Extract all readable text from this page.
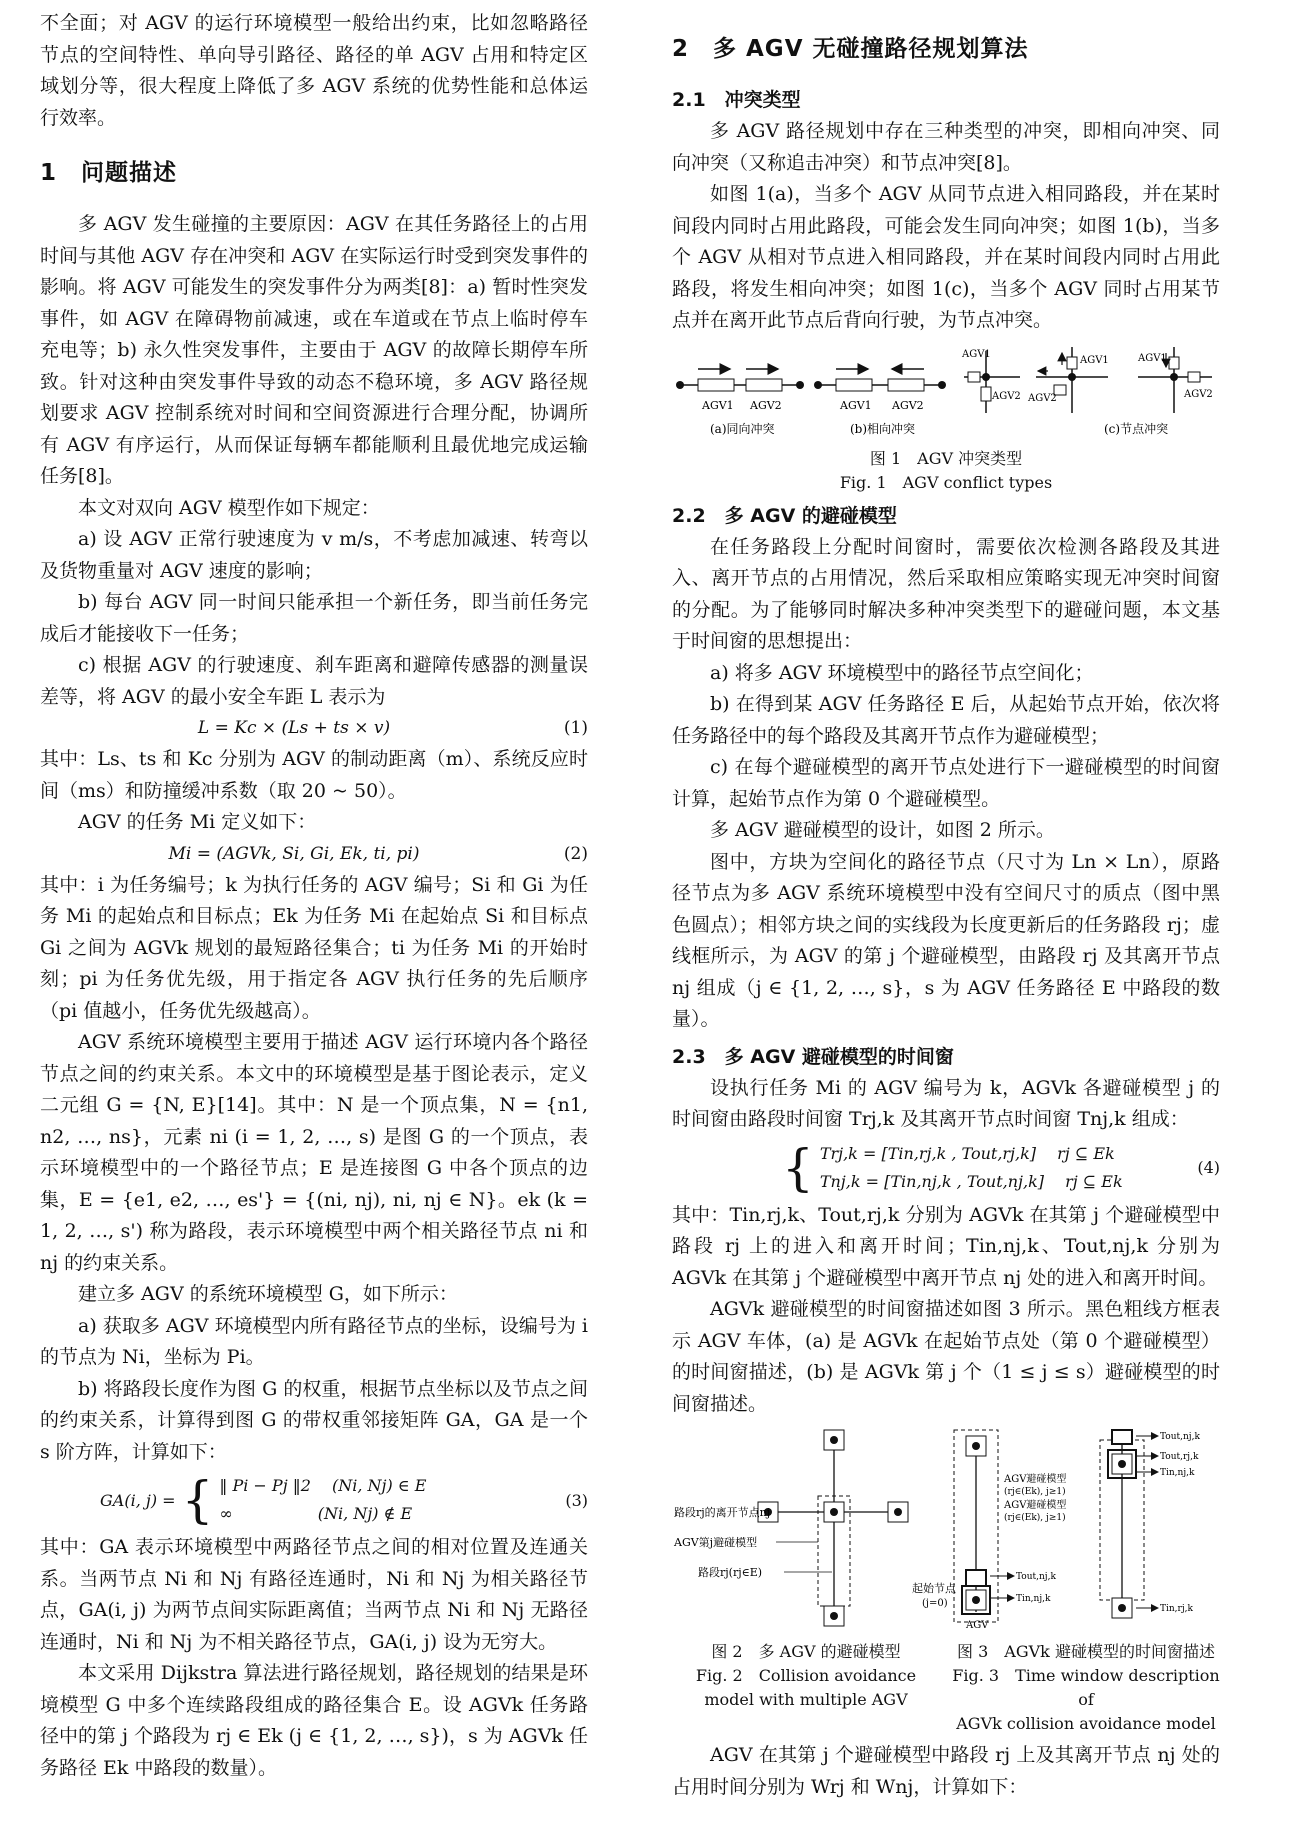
不全面；对 AGV 的运行环境模型一般给出约束，比如忽略路径节点的空间特性、单向导引路径、路径的单 AGV 占用和特定区域划分等，很大程度上降低了多 AGV 系统的优势性能和总体运行效率。

1　问题描述

多 AGV 发生碰撞的主要原因：AGV 在其任务路径上的占用时间与其他 AGV 存在冲突和 AGV 在实际运行时受到突发事件的影响。将 AGV 可能发生的突发事件分为两类[8]：a) 暂时性突发事件，如 AGV 在障碍物前减速，或在车道或在节点上临时停车充电等；b) 永久性突发事件，主要由于 AGV 的故障长期停车所致。针对这种由突发事件导致的动态不稳环境，多 AGV 路径规划要求 AGV 控制系统对时间和空间资源进行合理分配，协调所有 AGV 有序运行，从而保证每辆车都能顺利且最优地完成运输任务[8]。

本文对双向 AGV 模型作如下规定：

a) 设 AGV 正常行驶速度为 v m/s，不考虑加减速、转弯以及货物重量对 AGV 速度的影响；

b) 每台 AGV 同一时间只能承担一个新任务，即当前任务完成后才能接收下一任务；

c) 根据 AGV 的行驶速度、刹车距离和避障传感器的测量误差等，将 AGV 的最小安全车距 L 表示为

L = Kc × (Ls + ts × v)	(1)

其中：Ls、ts 和 Kc 分别为 AGV 的制动距离（m）、系统反应时间（ms）和防撞缓冲系数（取 20 ~ 50）。

AGV 的任务 Mi 定义如下：

Mi = (AGVk, Si, Gi, Ek, ti, pi)	(2)

其中：i 为任务编号；k 为执行任务的 AGV 编号；Si 和 Gi 为任务 Mi 的起始点和目标点；Ek 为任务 Mi 在起始点 Si 和目标点 Gi 之间为 AGVk 规划的最短路径集合；ti 为任务 Mi 的开始时刻；pi 为任务优先级，用于指定各 AGV 执行任务的先后顺序（pi 值越小，任务优先级越高）。

AGV 系统环境模型主要用于描述 AGV 运行环境内各个路径节点之间的约束关系。本文中的环境模型是基于图论表示，定义二元组 G = {N, E}[14]。其中：N 是一个顶点集，N = {n1, n2, …, ns}，元素 ni (i = 1, 2, …, s) 是图 G 的一个顶点，表示环境模型中的一个路径节点；E 是连接图 G 中各个顶点的边集，E = {e1, e2, …, es'} = {(ni, nj), ni, nj ∈ N}。ek (k = 1, 2, …, s') 称为路段，表示环境模型中两个相关路径节点 ni 和 nj 的约束关系。

建立多 AGV 的系统环境模型 G，如下所示：

a) 获取多 AGV 环境模型内所有路径节点的坐标，设编号为 i 的节点为 Ni，坐标为 Pi。

b) 将路段长度作为图 G 的权重，根据节点坐标以及节点之间的约束关系，计算得到图 G 的带权重邻接矩阵 GA，GA 是一个 s 阶方阵，计算如下：

GA(i, j) = { ‖ Pi − Pj ‖2　 (Ni, Nj) ∈ E
∞　　　　　 (Ni, Nj) ∉ E
(3)

其中：GA 表示环境模型中两路径节点之间的相对位置及连通关系。当两节点 Ni 和 Nj 有路径连通时，Ni 和 Nj 为相关路径节点，GA(i, j) 为两节点间实际距离值；当两节点 Ni 和 Nj 无路径连通时，Ni 和 Nj 为不相关路径节点，GA(i, j) 设为无穷大。

本文采用 Dijkstra 算法进行路径规划，路径规划的结果是环境模型 G 中多个连续路段组成的路径集合 E。设 AGVk 任务路径中的第 j 个路段为 rj ∈ Ek (j ∈ {1, 2, …, s})，s 为 AGVk 任务路径 Ek 中路段的数量）。

2　多 AGV 无碰撞路径规划算法
2.1　冲突类型

多 AGV 路径规划中存在三种类型的冲突，即相向冲突、同向冲突（又称追击冲突）和节点冲突[8]。

如图 1(a)，当多个 AGV 从同节点进入相同路段，并在某时间段内同时占用此路段，可能会发生同向冲突；如图 1(b)，当多个 AGV 从相对节点进入相同路段，并在某时间段内同时占用此路段，将发生相向冲突；如图 1(c)，当多个 AGV 同时占用某节点并在离开此节点后背向行驶，为节点冲突。

AGV1 AGV2
(a)同向冲突
AGV1 AGV2
(b)相向冲突
AGV1
AGV2
AGV1
AGV2
AGV1
AGV2
(c)节点冲突
图 1　AGV 冲突类型
Fig. 1　AGV conflict types
2.2　多 AGV 的避碰模型

在任务路段上分配时间窗时，需要依次检测各路段及其进入、离开节点的占用情况，然后采取相应策略实现无冲突时间窗的分配。为了能够同时解决多种冲突类型下的避碰问题，本文基于时间窗的思想提出：

a) 将多 AGV 环境模型中的路径节点空间化；

b) 在得到某 AGV 任务路径 E 后，从起始节点开始，依次将任务路径中的每个路段及其离开节点作为避碰模型；

c) 在每个避碰模型的离开节点处进行下一避碰模型的时间窗计算，起始节点作为第 0 个避碰模型。

多 AGV 避碰模型的设计，如图 2 所示。

图中，方块为空间化的路径节点（尺寸为 Ln × Ln），原路径节点为多 AGV 系统环境模型中没有空间尺寸的质点（图中黑色圆点）；相邻方块之间的实线段为长度更新后的任务路段 rj；虚线框所示，为 AGV 的第 j 个避碰模型，由路段 rj 及其离开节点 nj 组成（j ∈ {1, 2, …, s}，s 为 AGV 任务路径 E 中路段的数量）。

2.3　多 AGV 避碰模型的时间窗

设执行任务 Mi 的 AGV 编号为 k，AGVk 各避碰模型 j 的时间窗由路段时间窗 Trj,k 及其离开节点时间窗 Tnj,k 组成：

{ Trj,k = [Tin,rj,k , Tout,rj,k]　 rj ⊆ Ek
Tnj,k = [Tin,nj,k , Tout,nj,k]　 rj ⊆ Ek
(4)

其中：Tin,rj,k、Tout,rj,k 分别为 AGVk 在其第 j 个避碰模型中路段 rj 上的进入和离开时间；Tin,nj,k、Tout,nj,k 分别为 AGVk 在其第 j 个避碰模型中离开节点 nj 处的进入和离开时间。

AGVk 避碰模型的时间窗描述如图 3 所示。黑色粗线方框表示 AGV 车体，(a) 是 AGVk 在起始节点处（第 0 个避碰模型）的时间窗描述，(b) 是 AGVk 第 j 个（1 ≤ j ≤ s）避碰模型的时间窗描述。

路段rj的离开节点nj
AGV第j避碰模型
路段rj(rj∈E)
图 2　多 AGV 的避碰模型
Fig. 2　Collision avoidance
model with multiple AGV
起始节点
(j=0)
AGV
Tout,nj,k
Tin,nj,k
AGV避碰模型
(rj∈(Ek), j≥1)
AGV避碰模型
(rj∈(Ek), j≥1)
Tout,nj,k
Tout,rj,k
Tin,nj,k
Tin,rj,k
图 3　AGVk 避碰模型的时间窗描述
Fig. 3　Time window description of
AGVk collision avoidance model

AGV 在其第 j 个避碰模型中路段 rj 上及其离开节点 nj 处的占用时间分别为 Wrj 和 Wnj，计算如下：
